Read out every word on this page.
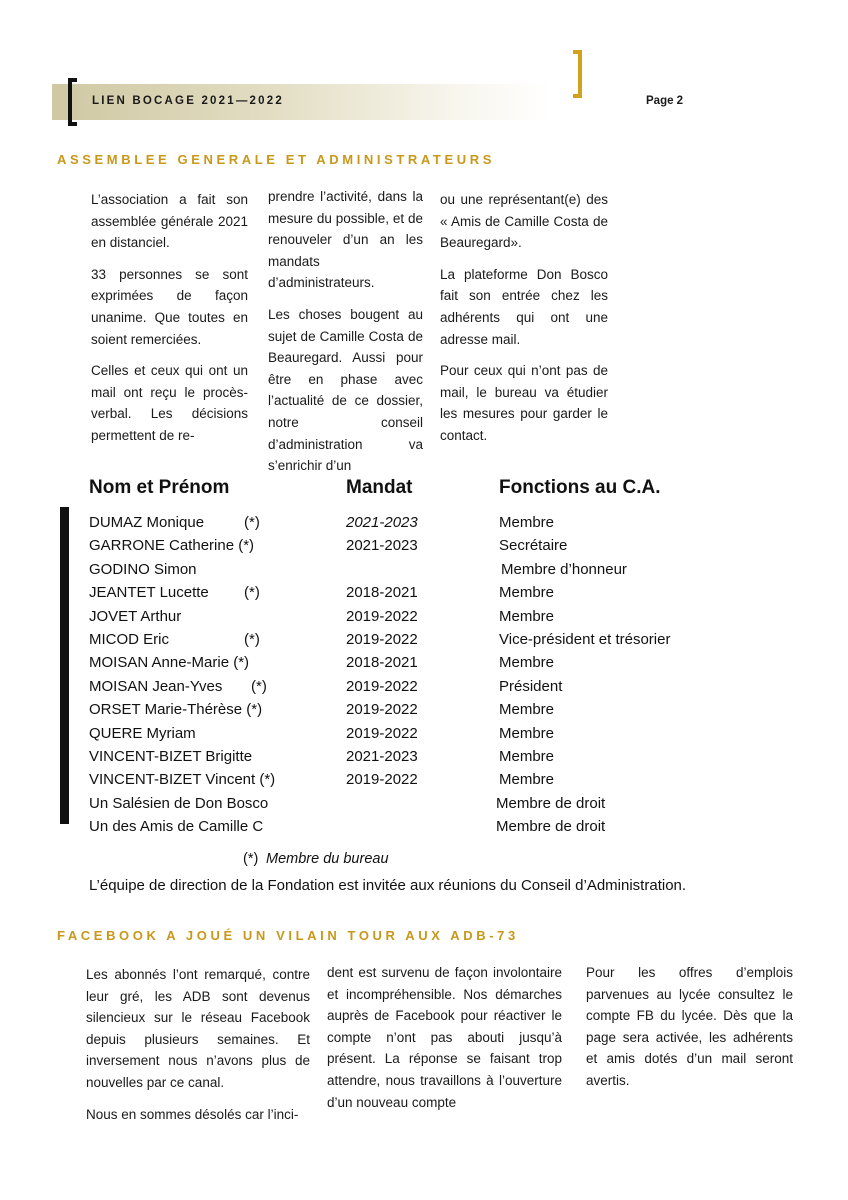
LIEN BOCAGE 2021—2022	Page 2
ASSEMBLEE GENERALE ET ADMINISTRATEURS

L’association a fait son assemblée générale 2021 en distanciel.

33 personnes se sont exprimées de façon unanime. Que toutes en soient remerciées.

Celles et ceux qui ont un mail ont reçu le procès-verbal. Les décisions permettent de re-

prendre l’activité, dans la mesure du possible, et de renouveler d’un an les mandats d’administrateurs.

Les choses bougent au sujet de Camille Costa de Beauregard. Aussi pour être en phase avec l’actualité de ce dossier, notre conseil d’administration va s’enrichir d’un

ou une représentant(e) des « Amis de Camille Costa de Beauregard».

La plateforme Don Bosco fait son entrée chez les adhérents qui ont une adresse mail.

Pour ceux qui n’ont pas de mail, le bureau va étudier les mesures pour garder le contact.

Nom et Prénom	Mandat	Fonctions au C.A.
DUMAZ Monique	(*)	2021-2023	Membre
GARRONE Catherine (*)	2021-2023	Secrétaire
GODINO Simon	Membre d’honneur
JEANTET Lucette (*)	2018-2021	Membre
JOVET Arthur	2019-2022	Membre
MICOD Eric	(*)	2019-2022	Vice-président et trésorier
MOISAN Anne-Marie (*)	2018-2021	Membre
MOISAN Jean-Yves (*)	2019-2022	Président
ORSET Marie-Thérèse (*)	2019-2022	Membre
QUERE Myriam	2019-2022	Membre
VINCENT-BIZET Brigitte	2021-2023	Membre
VINCENT-BIZET Vincent (*)	2019-2022	Membre
Un Salésien de Don Bosco	Membre de droit
Un des Amis de Camille C	Membre de droit
(*) Membre du bureau
L’équipe de direction de la Fondation est invitée aux réunions du Conseil d’Administration.
FACEBOOK A JOUÉ UN VILAIN TOUR AUX ADB-73

Les abonnés l’ont remarqué, contre leur gré, les ADB sont devenus silencieux sur le réseau Facebook depuis plusieurs semaines. Et inversement nous n’avons plus de nouvelles par ce canal.

Nous en sommes désolés car l’inci-

dent est survenu de façon involontaire et incompréhensible. Nos démarches auprès de Facebook pour réactiver le compte n’ont pas abouti jusqu’à présent. La réponse se faisant trop attendre, nous travaillons à l’ouverture d’un nouveau compte

Pour les offres d’emplois parvenues au lycée consultez le compte FB du lycée. Dès que la page sera activée, les adhérents et amis dotés d’un mail seront avertis.
